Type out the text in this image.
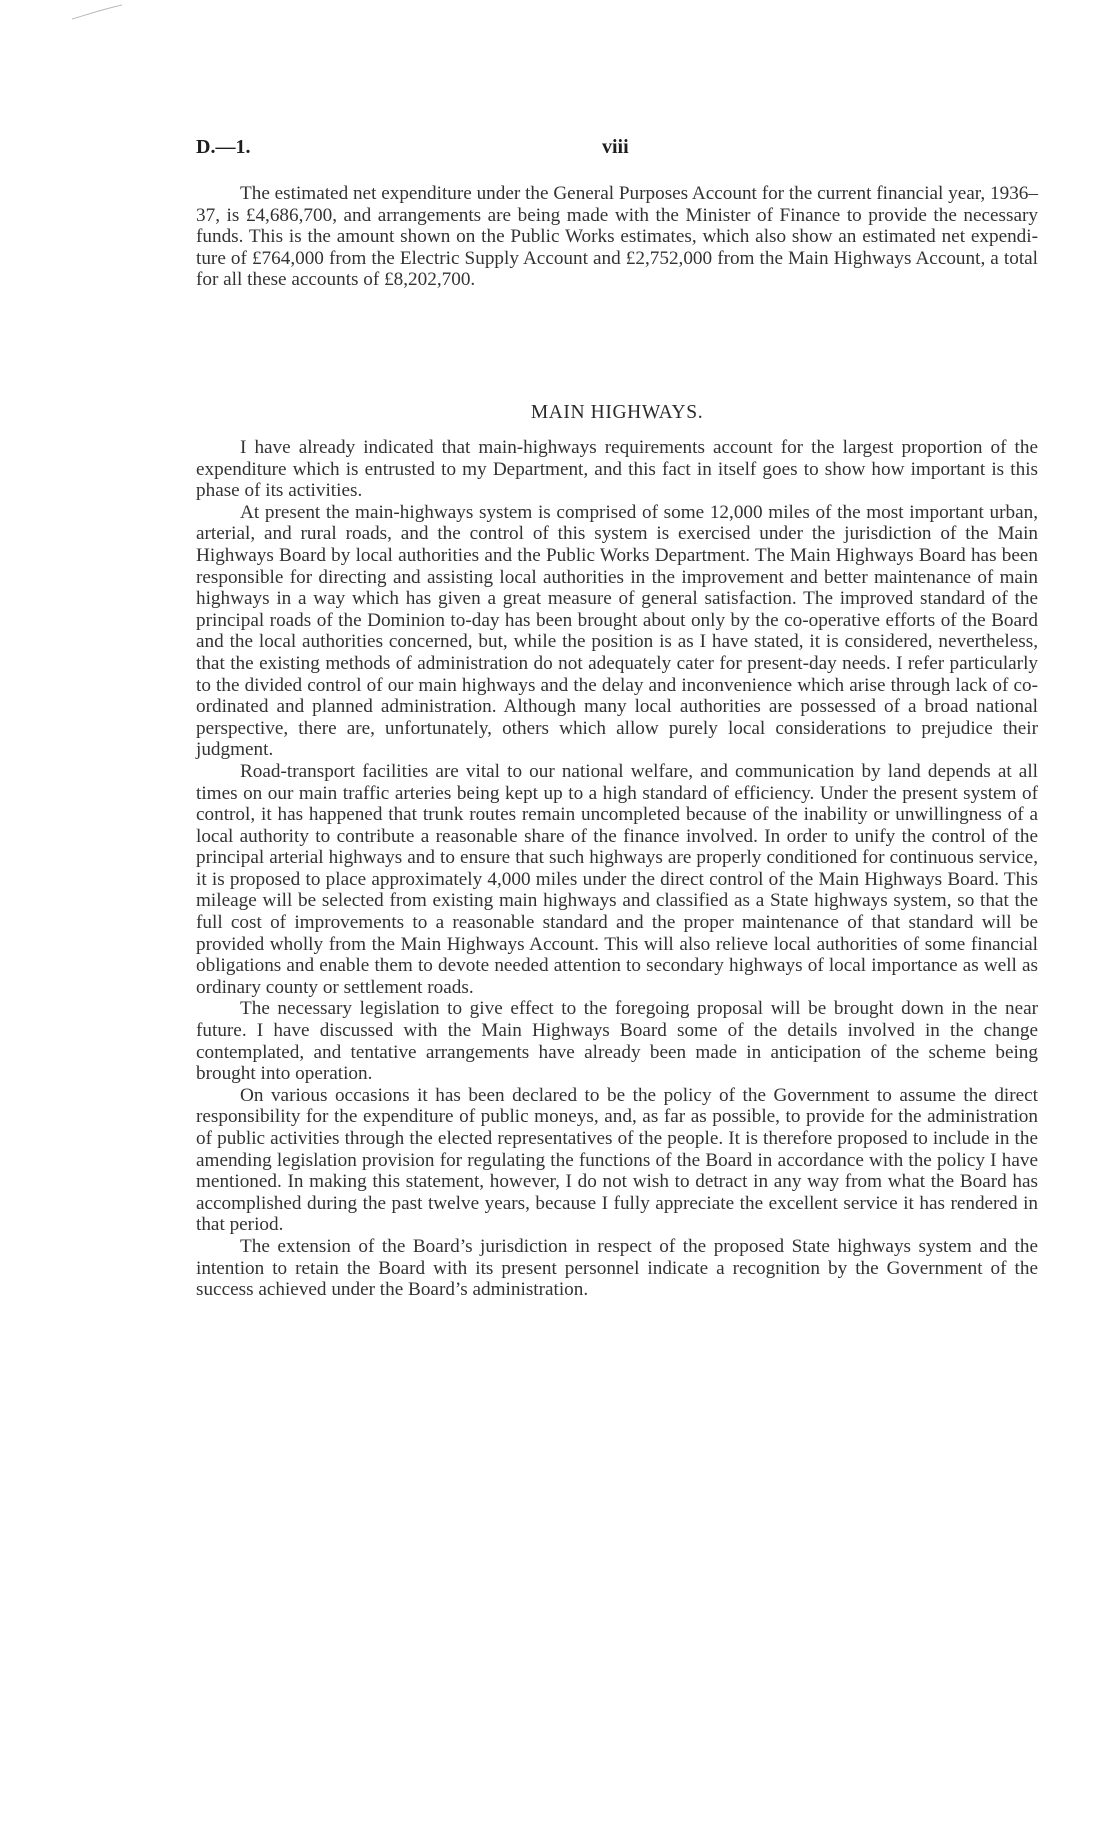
D.—1.	viii

The estimated net expenditure under the General Purposes Account for the current financial year, 1936–37, is £4,686,700, and arrangements are being made with the Minister of Finance to provide the necessary funds. This is the amount shown on the Public Works estimates, which also show an estimated net expenditure of £764,000 from the Electric Supply Account and £2,752,000 from the Main Highways Account, a total for all these accounts of £8,202,700.

MAIN HIGHWAYS.

I have already indicated that main-highways requirements account for the largest proportion of the expenditure which is entrusted to my Department, and this fact in itself goes to show how important is this phase of its activities.

At present the main-highways system is comprised of some 12,000 miles of the most important urban, arterial, and rural roads, and the control of this system is exercised under the jurisdiction of the Main Highways Board by local authorities and the Public Works Department. The Main Highways Board has been responsible for directing and assisting local authorities in the improvement and better maintenance of main highways in a way which has given a great measure of general satisfaction. The improved standard of the principal roads of the Dominion to-day has been brought about only by the co-operative efforts of the Board and the local authorities concerned, but, while the position is as I have stated, it is considered, nevertheless, that the existing methods of administration do not adequately cater for present-day needs. I refer particularly to the divided control of our main highways and the delay and inconvenience which arise through lack of co-ordinated and planned administration. Although many local authorities are possessed of a broad national perspective, there are, unfortunately, others which allow purely local considerations to prejudice their judgment.

Road-transport facilities are vital to our national welfare, and communication by land depends at all times on our main traffic arteries being kept up to a high standard of efficiency. Under the present system of control, it has happened that trunk routes remain uncompleted because of the inability or unwillingness of a local authority to contribute a reasonable share of the finance involved. In order to unify the control of the principal arterial highways and to ensure that such highways are properly conditioned for continuous service, it is proposed to place approximately 4,000 miles under the direct control of the Main Highways Board. This mileage will be selected from existing main highways and classified as a State highways system, so that the full cost of improvements to a reasonable standard and the proper maintenance of that standard will be provided wholly from the Main Highways Account. This will also relieve local authorities of some financial obligations and enable them to devote needed attention to secondary highways of local importance as well as ordinary county or settlement roads.

The necessary legislation to give effect to the foregoing proposal will be brought down in the near future. I have discussed with the Main Highways Board some of the details involved in the change contemplated, and tentative arrangements have already been made in anticipation of the scheme being brought into operation.

On various occasions it has been declared to be the policy of the Government to assume the direct responsibility for the expenditure of public moneys, and, as far as possible, to provide for the administration of public activities through the elected representatives of the people. It is therefore proposed to include in the amending legislation provision for regulating the functions of the Board in accordance with the policy I have mentioned. In making this statement, however, I do not wish to detract in any way from what the Board has accomplished during the past twelve years, because I fully appreciate the excellent service it has rendered in that period.

The extension of the Board’s jurisdiction in respect of the proposed State highways system and the intention to retain the Board with its present personnel indicate a recognition by the Government of the success achieved under the Board’s administration.
